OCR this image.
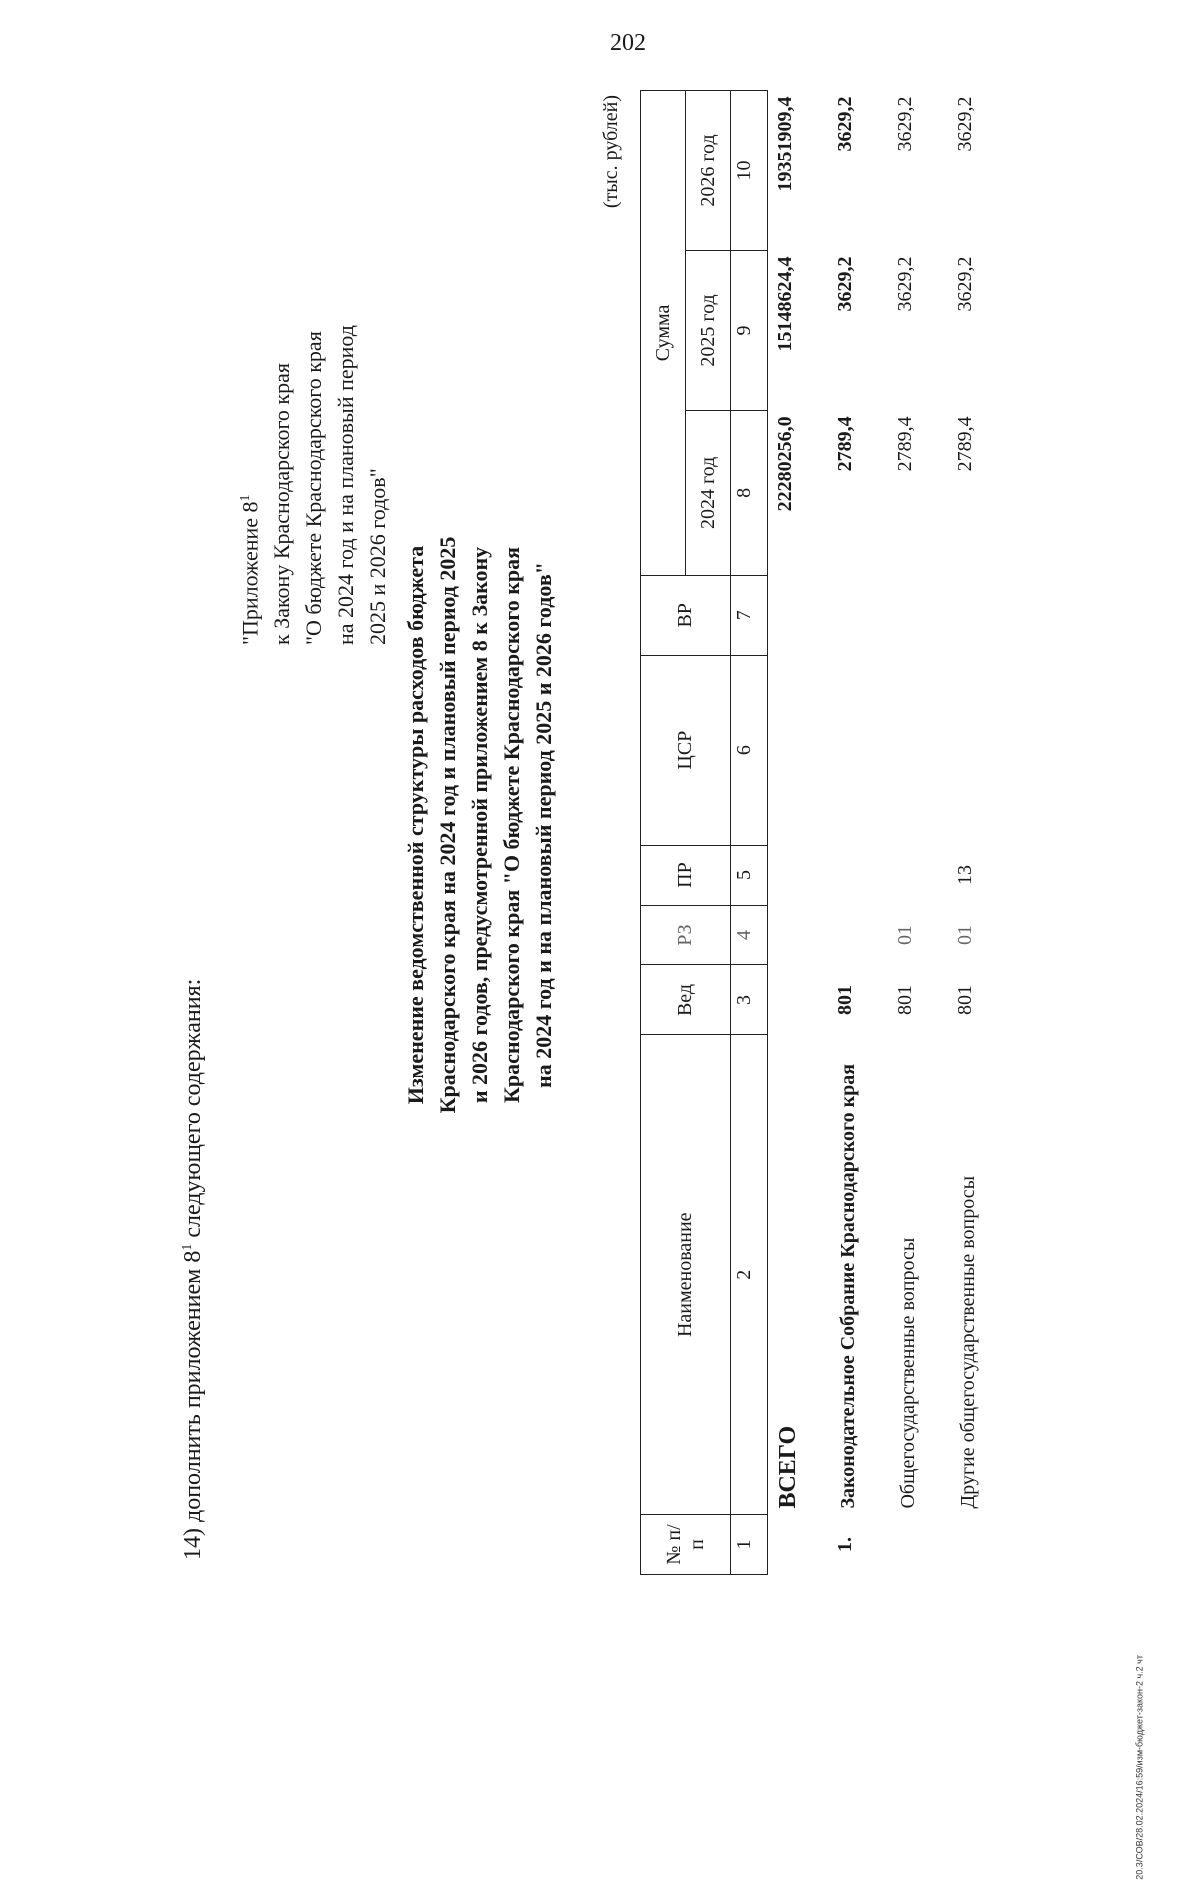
202
14) дополнить приложением $8^1$ следующего содержания:
"Приложение $8^1$ к Закону Краснодарского края "О бюджете Краснодарского края на 2024 год и на плановый период 2025 и 2026 годов" Изменение ведомственной структуры расходов бюджета Краснодарского края на 2024 год и плановый период 2025 и 2026 годов, предусмотренной приложением 8 к Закону Краснодарского края "О бюджете Краснодарского края на 2024 год и на плановый период 2025 и 2026 годов"
(тыс. рублей)
№ п/п	Наименование	Вед	РЗ	ПР	ЦСР	ВР	Сумма		
							2024 год	2025 год	2026 год
1	2	3	4	5	6	7	8	9	10
	ВСЕГО						22280256,0	15148624,4	19351909,4

1.	Законодательное Собрание Краснодарского края	801					2789,4	3629,2	3629,2

	Общегосударственные вопросы	801	01				2789,4	3629,2	3629,2

	Другие общегосударственные вопросы	801	01	13			2789,4	3629,2	3629,2
20.3/СОВ/28.02.2024/16:59/изм-бюджет-закон-2 ч.2 чт
